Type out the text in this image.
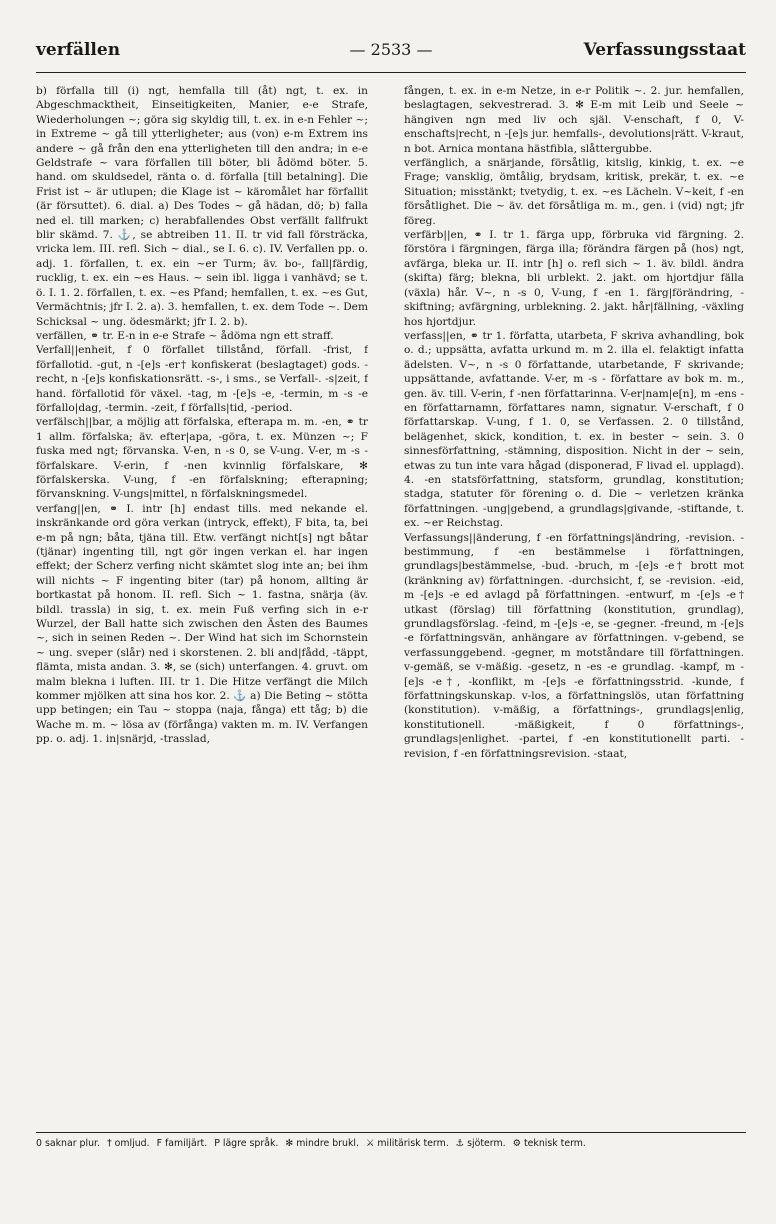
verfällen	— 2533 —	Verfassungsstaat

b) förfalla till (i) ngt, hemfalla till (åt) ngt, t. ex. in Abgeschmacktheit, Einseitigkeiten, Manier, e-e Strafe, Wiederholungen ~; göra sig skyldig till, t. ex. in e-n Fehler ~; in Extreme ~ gå till ytterligheter; aus (von) e-m Extrem ins andere ~ gå från den ena ytterligheten till den andra; in e-e Geldstrafe ~ vara förfallen till böter, bli ådömd böter. 5. hand. om skuldsedel, ränta o. d. förfalla [till betalning]. Die Frist ist ~ är utlupen; die Klage ist ~ käromålet har förfallit (är försuttet). 6. dial. a) Des Todes ~ gå hädan, dö; b) falla ned el. till marken; c) herabfallendes Obst verfällt fallfrukt blir skämd. 7. ⚓, se abtreiben 11. II. tr vid fall försträcka, vricka lem. III. refl. Sich ~ dial., se I. 6. c). IV. Verfallen pp. o. adj. 1. förfallen, t. ex. ein ~er Turm; äv. bo-, fall|färdig, rucklig, t. ex. ein ~es Haus. ~ sein ibl. ligga i vanhävd; se t. ö. I. 1. 2. förfallen, t. ex. ~es Pfand; hemfallen, t. ex. ~es Gut, Vermächtnis; jfr I. 2. a). 3. hemfallen, t. ex. dem Tode ~. Dem Schicksal ~ ung. ödesmärkt; jfr I. 2. b).

verfällen, ⚭ tr. E-n in e-e Strafe ~ ådöma ngn ett straff.

Verfall||enheit, f 0 förfallet tillstånd, förfall. -frist, f förfallotid. -gut, n -[e]s -er† konfiskerat (beslagtaget) gods. -recht, n -[e]s konfiskationsrätt. -s-, i sms., se Verfall-. -s|zeit, f hand. förfallotid för växel. -tag, m -[e]s -e, -termin, m -s -e förfallo|dag, -termin. -zeit, f förfalls|tid, -period.

verfälsch||bar, a möjlig att förfalska, efterapa m. m. -en, ⚭ tr 1 allm. förfalska; äv. efter|apa, -göra, t. ex. Münzen ~; F fuska med ngt; förvanska. V-en, n -s 0, se V-ung. V-er, m -s - förfalskare. V-erin, f -nen kvinnlig förfalskare, ✻ förfalskerska. V-ung, f -en förfalskning; efterapning; förvanskning. V-ungs|mittel, n förfalskningsmedel.

verfang||en, ⚭ I. intr [h] endast tills. med nekande el. inskränkande ord göra verkan (intryck, effekt), F bita, ta, bei e-m på ngn; båta, tjäna till. Etw. verfängt nicht[s] ngt båtar (tjänar) ingenting till, ngt gör ingen verkan el. har ingen effekt; der Scherz verfing nicht skämtet slog inte an; bei ihm will nichts ~ F ingenting biter (tar) på honom, allting är bortkastat på honom. II. refl. Sich ~ 1. fastna, snärja (äv. bildl. trassla) in sig, t. ex. mein Fuß verfing sich in e-r Wurzel, der Ball hatte sich zwischen den Ästen des Baumes ~, sich in seinen Reden ~. Der Wind hat sich im Schornstein ~ ung. sveper (slår) ned i skorstenen. 2. bli and|fådd, -täppt, flämta, mista andan. 3. ✻, se (sich) unterfangen. 4. gruvt. om malm blekna i luften. III. tr 1. Die Hitze verfängt die Milch kommer mjölken att sina hos kor. 2. ⚓ a) Die Beting ~ stötta upp betingen; ein Tau ~ stoppa (naja, fånga) ett tåg; b) die Wache m. m. ~ lösa av (förfånga) vakten m. m. IV. Verfangen pp. o. adj. 1. in|snärjd, -trasslad,

fången, t. ex. in e-m Netze, in e-r Politik ~. 2. jur. hemfallen, beslagtagen, sekvestrerad. 3. ✻ E-m mit Leib und Seele ~ hängiven ngn med liv och själ. V-enschaft, f 0, V-enschafts|recht, n -[e]s jur. hemfalls-, devolutions|rätt. V-kraut, n bot. Arnica montana hästfibla, slåttergubbe.

verfänglich, a snärjande, försåtlig, kitslig, kinkig, t. ex. ~e Frage; vansklig, ömtålig, brydsam, kritisk, prekär, t. ex. ~e Situation; misstänkt; tvetydig, t. ex. ~es Lächeln. V~keit, f -en försåtlighet. Die ~ äv. det försåtliga m. m., gen. i (vid) ngt; jfr föreg.

verfärb||en, ⚭ I. tr 1. färga upp, förbruka vid färgning. 2. förstöra i färgningen, färga illa; förändra färgen på (hos) ngt, avfärga, bleka ur. II. intr [h] o. refl sich ~ 1. äv. bildl. ändra (skifta) färg; blekna, bli urblekt. 2. jakt. om hjortdjur fälla (växla) hår. V~, n -s 0, V-ung, f -en 1. färg|förändring, -skiftning; avfärgning, urblekning. 2. jakt. hår|fällning, -växling hos hjortdjur.

verfass||en, ⚭ tr 1. författa, utarbeta, F skriva avhandling, bok o. d.; uppsätta, avfatta urkund m. m 2. illa el. felaktigt infatta ädelsten. V~, n -s 0 författande, utarbetande, F skrivande; uppsättande, avfattande. V-er, m -s - författare av bok m. m., gen. äv. till. V-erin, f -nen författarinna. V-er|nam|e[n], m -ens -en författarnamn, författares namn, signatur. V-erschaft, f 0 författarskap. V-ung, f 1. 0, se Verfassen. 2. 0 tillstånd, belägenhet, skick, kondition, t. ex. in bester ~ sein. 3. 0 sinnesförfattning, -stämning, disposition. Nicht in der ~ sein, etwas zu tun inte vara hågad (disponerad, F livad el. upplagd). 4. -en statsförfattning, statsform, grundlag, konstitution; stadga, statuter för förening o. d. Die ~ verletzen kränka författningen. -ung|gebend, a grundlags|givande, -stiftande, t. ex. ~er Reichstag.

Verfassungs||änderung, f -en författnings|ändring, -revision. -bestimmung, f -en bestämmelse i författningen, grundlags|bestämmelse, -bud. -bruch, m -[e]s -e† brott mot (kränkning av) författningen. -durchsicht, f, se -revision. -eid, m -[e]s -e ed avlagd på författningen. -entwurf, m -[e]s -e† utkast (förslag) till författning (konstitution, grundlag), grundlagsförslag. -feind, m -[e]s -e, se -gegner. -freund, m -[e]s -e författningsvän, anhängare av författningen. v-gebend, se verfassunggebend. -gegner, m motståndare till författningen. v-gemäß, se v-mäßig. -gesetz, n -es -e grundlag. -kampf, m -[e]s -e†, -konflikt, m -[e]s -e författningsstrid. -kunde, f författningskunskap. v-los, a författningslös, utan författning (konstitution). v-mäßig, a författnings-, grundlags|enlig, konstitutionell. -mäßigkeit, f 0 författnings-, grundlags|enlighet. -partei, f -en konstitutionellt parti. -revision, f -en författningsrevision. -staat,

0 saknar plur. † omljud. F familjärt. P lägre språk. ✻ mindre brukl. ⚔ militärisk term. ⚓ sjöterm. ⚙ teknisk term.
